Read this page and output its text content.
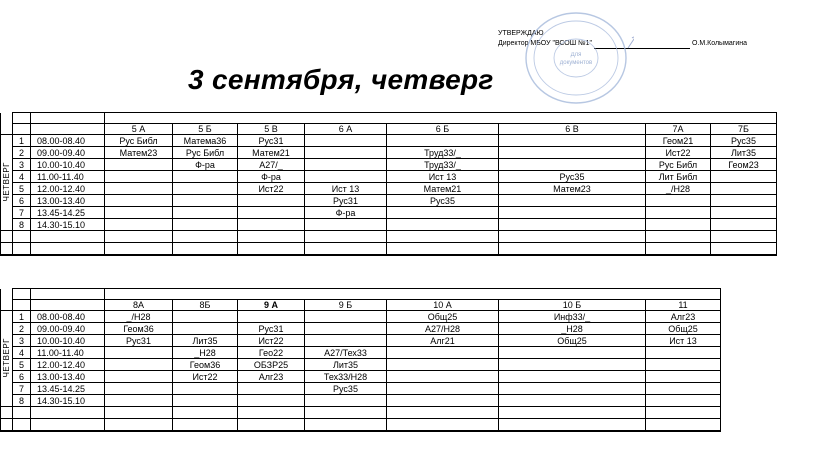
УТВЕРЖДАЮ
Директор МБОУ "ВСОШ №1"	О.М.Колымагина
Для
документов
3 сентября, четверг

			5 А	5 Б	5 В	6 А	6 Б	6 В	7А	7Б
ЧЕТВЕРГ	1	08.00-08.40	Рус Библ	Матема36	Рус31				Геом21	Рус35
	2	09.00-09.40	Матем23	Рус Библ	Матем21		Труд33/_		Ист22	Лит35
	3	10.00-10.40		Ф-ра	А27/_		Труд33/_		Рус Библ	Геом23
	4	11.00-11.40			Ф-ра		Ист 13	Рус35	Лит Библ	
	5	12.00-12.40			Ист22	Ист 13	Матем21	Матем23	_/Н28	
	6	13.00-13.40				Рус31	Рус35			
	7	13.45-14.25				Ф-ра				
	8	14.30-15.10								

			8А	8Б	9 А	9 Б	10 А	10 Б	11
ЧЕТВЕРГ	1	08.00-08.40	_/Н28				Общ25	Инф33/_	Алг23
	2	09.00-09.40	Геом36		Рус31		А27/Н28	_Н28	Общ25
	3	10.00-10.40	Рус31	Лит35	Ист22		Алг21	Общ25	Ист 13
	4	11.00-11.40		_Н28	Гео22	А27/Тех33			
	5	12.00-12.40		Геом36	ОБЗР25	Лит35			
	6	13.00-13.40		Ист22	Алг23	Тех33/Н28			
	7	13.45-14.25				Рус35			
	8	14.30-15.10							
